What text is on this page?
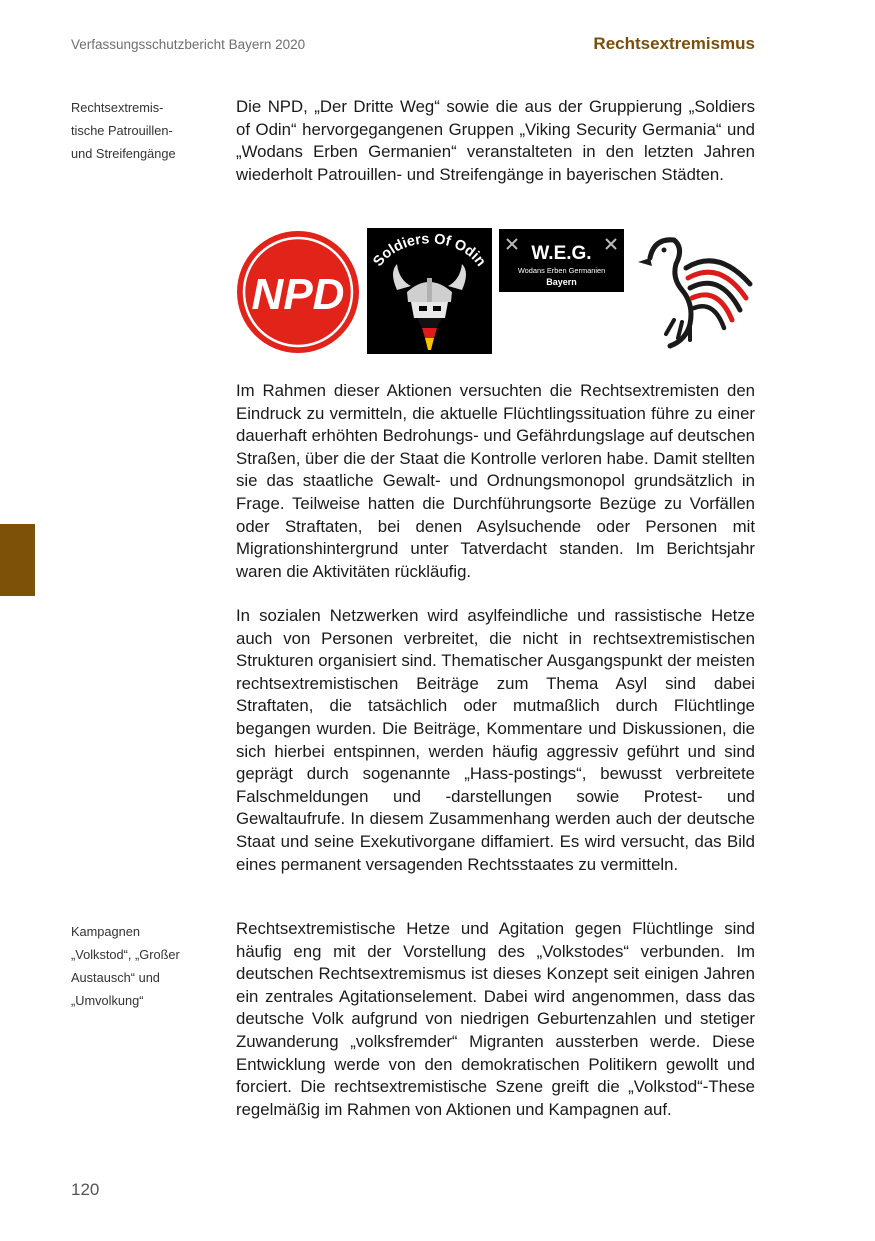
Verfassungsschutzbericht Bayern 2020	Rechtsextremismus
Rechtsextremis-
tische Patrouillen-
und Streifengänge

Die NPD, „Der Dritte Weg“ sowie die aus der Gruppierung „Soldiers of Odin“ hervorgegangenen Gruppen „Viking Security Germania“ und „Wodans Erben Germanien“ veranstalteten in den letzten Jahren wiederholt Patrouillen- und Streifengänge in bayerischen Städten.

NPD
Soldiers Of Odin W.E.G.
Wodans Erben Germanien
Bayern

Im Rahmen dieser Aktionen versuchten die Rechtsextremisten den Eindruck zu vermitteln, die aktuelle Flüchtlingssituation führe zu einer dauerhaft erhöhten Bedrohungs- und Gefährdungslage auf deutschen Straßen, über die der Staat die Kontrolle verloren habe. Damit stellten sie das staatliche Gewalt- und Ordnungsmonopol grundsätzlich in Frage. Teilweise hatten die Durchführungsorte Bezüge zu Vorfällen oder Straftaten, bei denen Asylsuchende oder Personen mit Migrationshintergrund unter Tatverdacht standen. Im Berichtsjahr waren die Aktivitäten rückläufig.

In sozialen Netzwerken wird asylfeindliche und rassistische Hetze auch von Personen verbreitet, die nicht in rechtsextremistischen Strukturen organisiert sind. Thematischer Ausgangspunkt der meisten rechtsextremistischen Beiträge zum Thema Asyl sind dabei Straftaten, die tatsächlich oder mutmaßlich durch Flüchtlinge begangen wurden. Die Beiträge, Kommentare und Diskussionen, die sich hierbei entspinnen, werden häufig aggressiv geführt und sind geprägt durch sogenannte „Hass-postings“, bewusst verbreitete Falschmeldungen und -darstellungen sowie Protest- und Gewaltaufrufe. In diesem Zusammenhang werden auch der deutsche Staat und seine Exekutivorgane diffamiert. Es wird versucht, das Bild eines permanent versagenden Rechtsstaates zu vermitteln.

Kampagnen
„Volkstod“, „Großer
Austausch“ und
„Umvolkung“

Rechtsextremistische Hetze und Agitation gegen Flüchtlinge sind häufig eng mit der Vorstellung des „Volkstodes“ verbunden. Im deutschen Rechtsextremismus ist dieses Konzept seit einigen Jahren ein zentrales Agitationselement. Dabei wird angenommen, dass das deutsche Volk aufgrund von niedrigen Geburtenzahlen und stetiger Zuwanderung „volksfremder“ Migranten aussterben werde. Diese Entwicklung werde von den demokratischen Politikern gewollt und forciert. Die rechtsextremistische Szene greift die „Volkstod“-These regelmäßig im Rahmen von Aktionen und Kampagnen auf.

120
